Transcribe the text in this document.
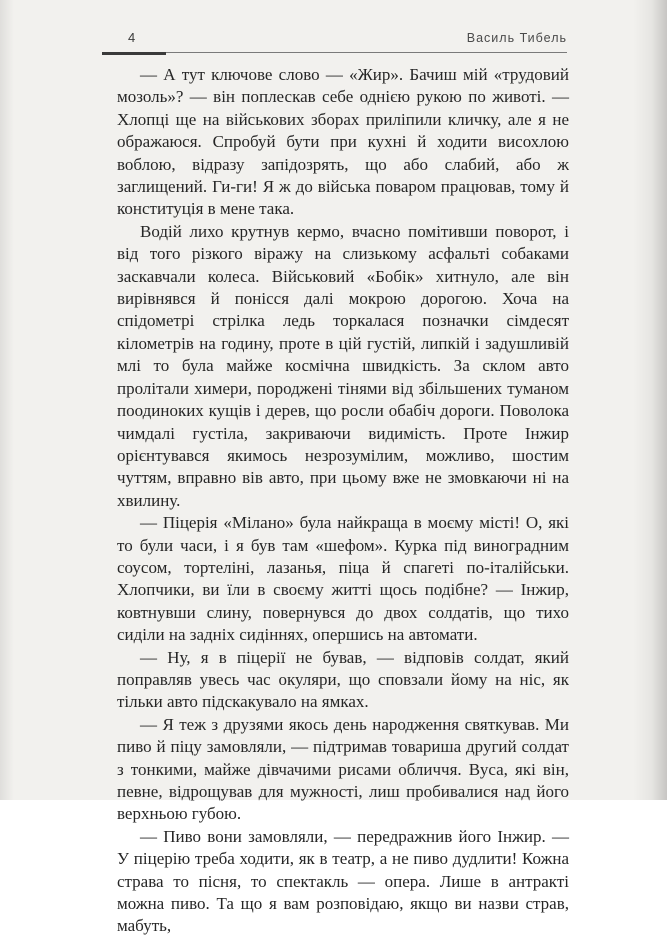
4	Василь Тибель

— А тут ключове слово — «Жир». Бачиш мій «трудовий мозоль»? — він поплескав себе однією рукою по животі. — Хлопці ще на військових зборах приліпили кличку, але я не ображаюся. Спробуй бути при кухні й ходити висохлою воблою, відразу запідозрять, що або слабий, або ж заглищений. Ги-ги! Я ж до війська поваром працював, тому й конституція в мене така.

Водій лихо крутнув кермо, вчасно помітивши поворот, і від того різкого віражу на слизькому асфальті собаками заскавчали колеса. Військовий «Бобік» хитнуло, але він вирівнявся й понісся далі мокрою дорогою. Хоча на спідометрі стрілка ледь торкалася позначки сімдесят кілометрів на годину, проте в цій густій, липкій і задушливій млі то була майже космічна швидкість. За склом авто пролітали химери, породжені тінями від збільшених туманом поодиноких кущів і дерев, що росли обабіч дороги. Поволока чимдалі густіла, закриваючи видимість. Проте Інжир орієнтувався якимось незрозумілим, можливо, шостим чуттям, вправно вів авто, при цьому вже не змовкаючи ні на хвилину.

— Піцерія «Мілано» була найкраща в моєму місті! О, які то були часи, і я був там «шефом». Курка під виноградним соусом, тортеліні, лазанья, піца й спагеті по-італійськи. Хлопчики, ви їли в своєму житті щось подібне? — Інжир, ковтнувши слину, повернувся до двох солдатів, що тихо сиділи на задніх сидіннях, опершись на автомати.

— Ну, я в піцерії не бував, — відповів солдат, який поправляв увесь час окуляри, що сповзали йому на ніс, як тільки авто підскакувало на ямках.

— Я теж з друзями якось день народження святкував. Ми пиво й піцу замовляли, — підтримав товариша другий солдат з тонкими, майже дівчачими рисами обличчя. Вуса, які він, певне, відрощував для мужності, лиш пробивалися над його верхньою губою.

— Пиво вони замовляли, — передражнив його Інжир. — У піцерію треба ходити, як в театр, а не пиво дудлити! Кожна страва то пісня, то спектакль — опера. Лише в антракті можна пиво. Та що я вам розповідаю, якщо ви назви страв, мабуть,
